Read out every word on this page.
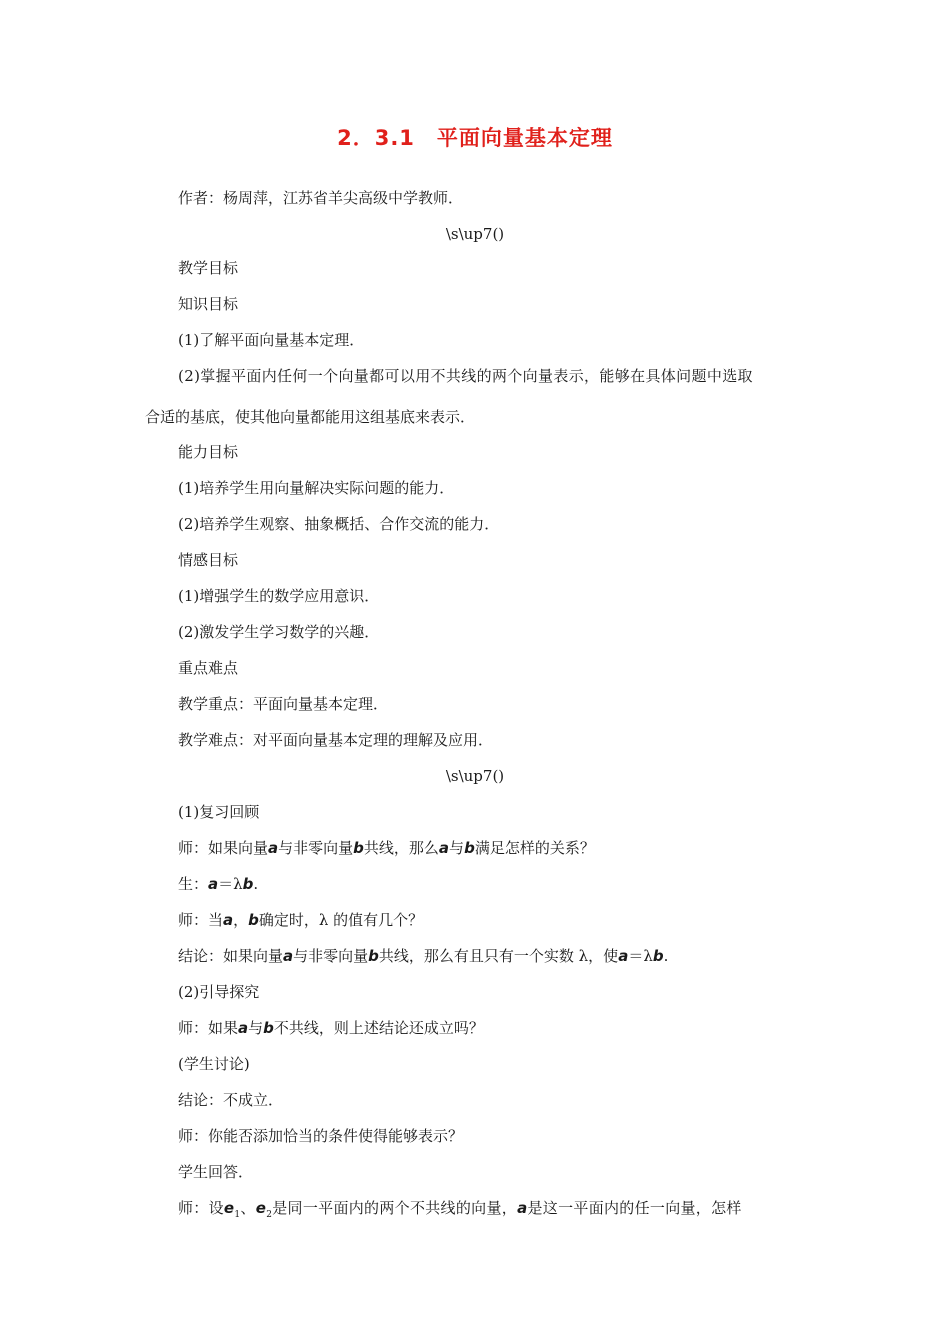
2．3.1　平面向量基本定理
作者：杨周萍，江苏省羊尖高级中学教师．
\s\up7()
教学目标
知识目标
(1)了解平面向量基本定理．
(2)掌握平面内任何一个向量都可以用不共线的两个向量表示，能够在具体问题中选取
合适的基底，使其他向量都能用这组基底来表示．
能力目标
(1)培养学生用向量解决实际问题的能力．
(2)培养学生观察、抽象概括、合作交流的能力．
情感目标
(1)增强学生的数学应用意识．
(2)激发学生学习数学的兴趣．
重点难点
教学重点：平面向量基本定理．
教学难点：对平面向量基本定理的理解及应用．
\s\up7()
(1)复习回顾
师：如果向量a与非零向量b共线，那么a与b满足怎样的关系？
生：a＝λb.
师：当a，b确定时，λ 的值有几个？
结论：如果向量a与非零向量b共线，那么有且只有一个实数 λ，使a＝λb.
(2)引导探究
师：如果a与b不共线，则上述结论还成立吗？
(学生讨论)
结论：不成立．
师：你能否添加恰当的条件使得能够表示？
学生回答．
师：设$e_1$、$e_2$是同一平面内的两个不共线的向量，a是这一平面内的任一向量，怎样
